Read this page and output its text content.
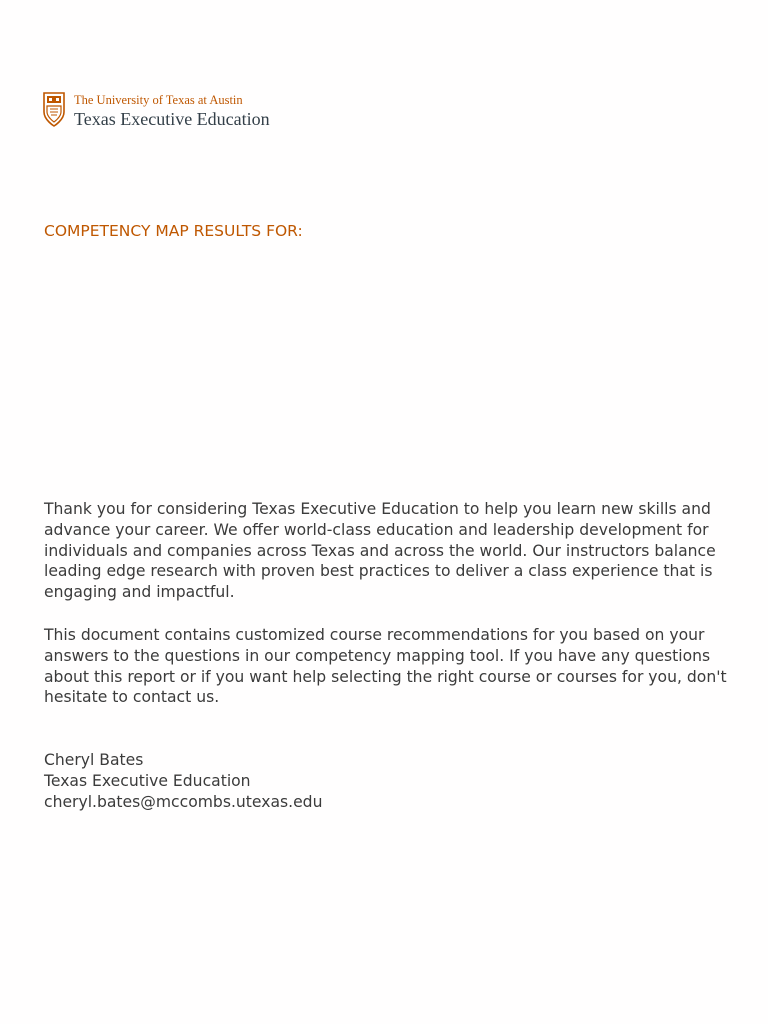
The University of Texas at Austin
Texas Executive Education
COMPETENCY MAP RESULTS FOR:

Thank you for considering Texas Executive Education to help you learn new skills and advance your career. We offer world-class education and leadership development for individuals and companies across Texas and across the world. Our instructors balance leading edge research with proven best practices to deliver a class experience that is engaging and impactful.

This document contains customized course recommendations for you based on your answers to the questions in our competency mapping tool. If you have any questions about this report or if you want help selecting the right course or courses for you, don't hesitate to contact us.

Cheryl Bates
Texas Executive Education
cheryl.bates@mccombs.utexas.edu
